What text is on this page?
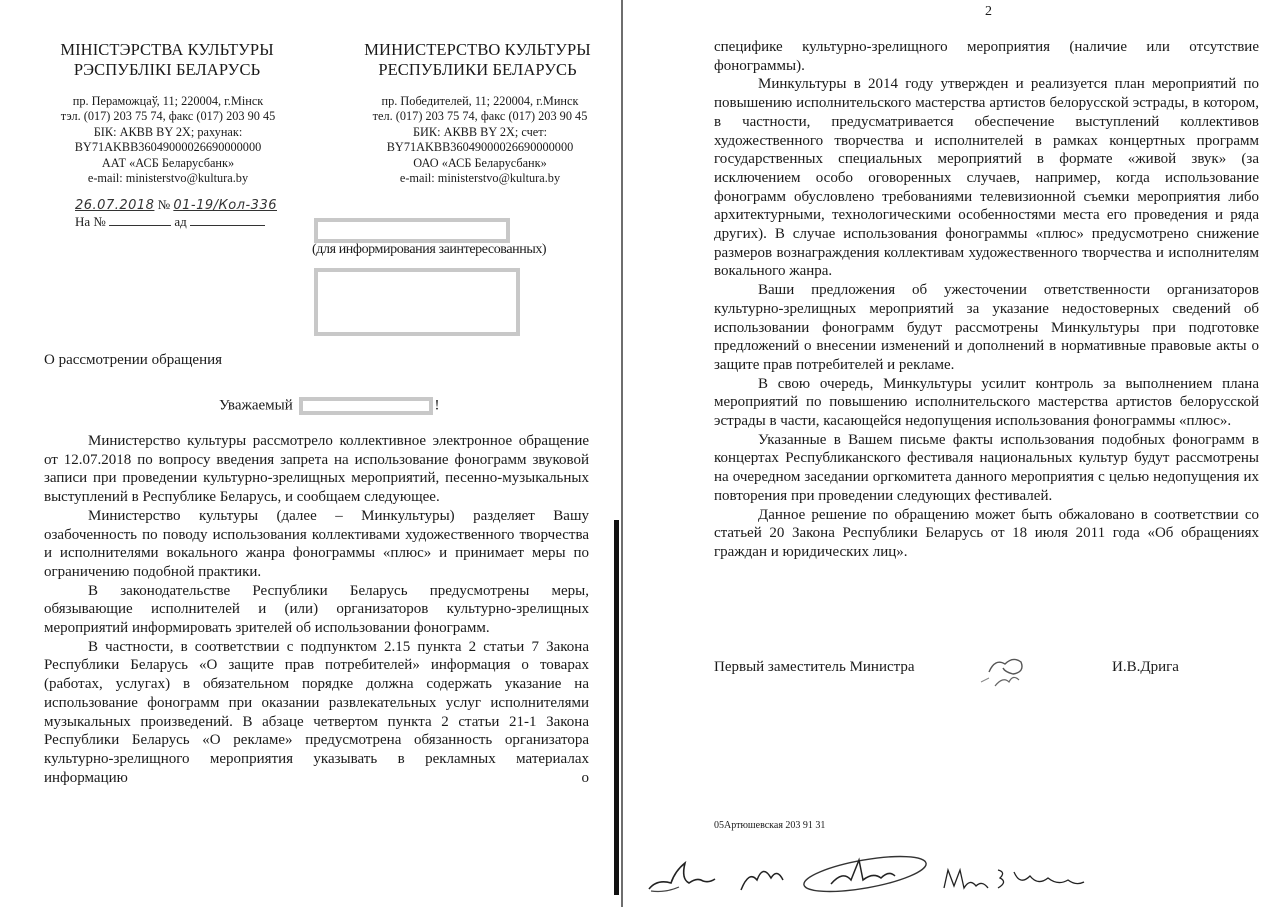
МІНІСТЭРСТВА КУЛЬТУРЫ
РЭСПУБЛІКІ БЕЛАРУСЬ
пр. Пераможцаў, 11; 220004, г.Мінск
тэл. (017) 203 75 74, факс (017) 203 90 45
БІК: АКВВ ВY 2Х; рахунак:
BY71AKBB36049000026690000000
ААТ «АСБ Беларусбанк»
e-mail: ministerstvo@kultura.by
МИНИСТЕРСТВО КУЛЬТУРЫ
РЕСПУБЛИКИ БЕЛАРУСЬ
пр. Победителей, 11; 220004, г.Минск
тел. (017) 203 75 74, факс (017) 203 90 45
БИК: АКВВ ВY 2Х; счет:
BY71AKBB36049000026690000000
ОАО «АСБ Беларусбанк»
e-mail: ministerstvo@kultura.by
26.07.2018 № 01-19/Кол-336
На №	ад
(для информирования заинтересованных)
О рассмотрении обращения
Уважаемый	!

Министерство культуры рассмотрело коллективное электронное обращение от 12.07.2018 по вопросу введения запрета на использование фонограмм звуковой записи при проведении культурно-зрелищных мероприятий, песенно-музыкальных выступлений в Республике Беларусь, и сообщаем следующее.

Министерство культуры (далее – Минкультуры) разделяет Вашу озабоченность по поводу использования коллективами художественного творчества и исполнителями вокального жанра фонограммы «плюс» и принимает меры по ограничению подобной практики.

В законодательстве Республики Беларусь предусмотрены меры, обязывающие исполнителей и (или) организаторов культурно-зрелищных мероприятий информировать зрителей об использовании фонограмм.

В частности, в соответствии с подпунктом 2.15 пункта 2 статьи 7 Закона Республики Беларусь «О защите прав потребителей» информация о товарах (работах, услугах) в обязательном порядке должна содержать указание на использование фонограмм при оказании развлекательных услуг исполнителями музыкальных произведений. В абзаце четвертом пункта 2 статьи 21-1 Закона Республики Беларусь «О рекламе» предусмотрена обязанность организатора культурно-зрелищного мероприятия указывать в рекламных материалах информацию о

2

специфике культурно-зрелищного мероприятия (наличие или отсутствие фонограммы).

Минкультуры в 2014 году утвержден и реализуется план мероприятий по повышению исполнительского мастерства артистов белорусской эстрады, в котором, в частности, предусматривается обеспечение выступлений коллективов художественного творчества и исполнителей в рамках концертных программ государственных специальных мероприятий в формате «живой звук» (за исключением особо оговоренных случаев, например, когда использование фонограмм обусловлено требованиями телевизионной съемки мероприятия либо архитектурными, технологическими особенностями места его проведения и ряда других). В случае использования фонограммы «плюс» предусмотрено снижение размеров вознаграждения коллективам художественного творчества и исполнителям вокального жанра.

Ваши предложения об ужесточении ответственности организаторов культурно-зрелищных мероприятий за указание недостоверных сведений об использовании фонограмм будут рассмотрены Минкультуры при подготовке предложений о внесении изменений и дополнений в нормативные правовые акты о защите прав потребителей и рекламе.

В свою очередь, Минкультуры усилит контроль за выполнением плана мероприятий по повышению исполнительского мастерства артистов белорусской эстрады в части, касающейся недопущения использования фонограммы «плюс».

Указанные в Вашем письме факты использования подобных фонограмм в концертах Республиканского фестиваля национальных культур будут рассмотрены на очередном заседании оргкомитета данного мероприятия с целью недопущения их повторения при проведении следующих фестивалей.

Данное решение по обращению может быть обжаловано в соответствии со статьей 20 Закона Республики Беларусь от 18 июля 2011 года «Об обращениях граждан и юридических лиц».

Первый заместитель Министра	И.В.Дрига
05Артюшевская 203 91 31
